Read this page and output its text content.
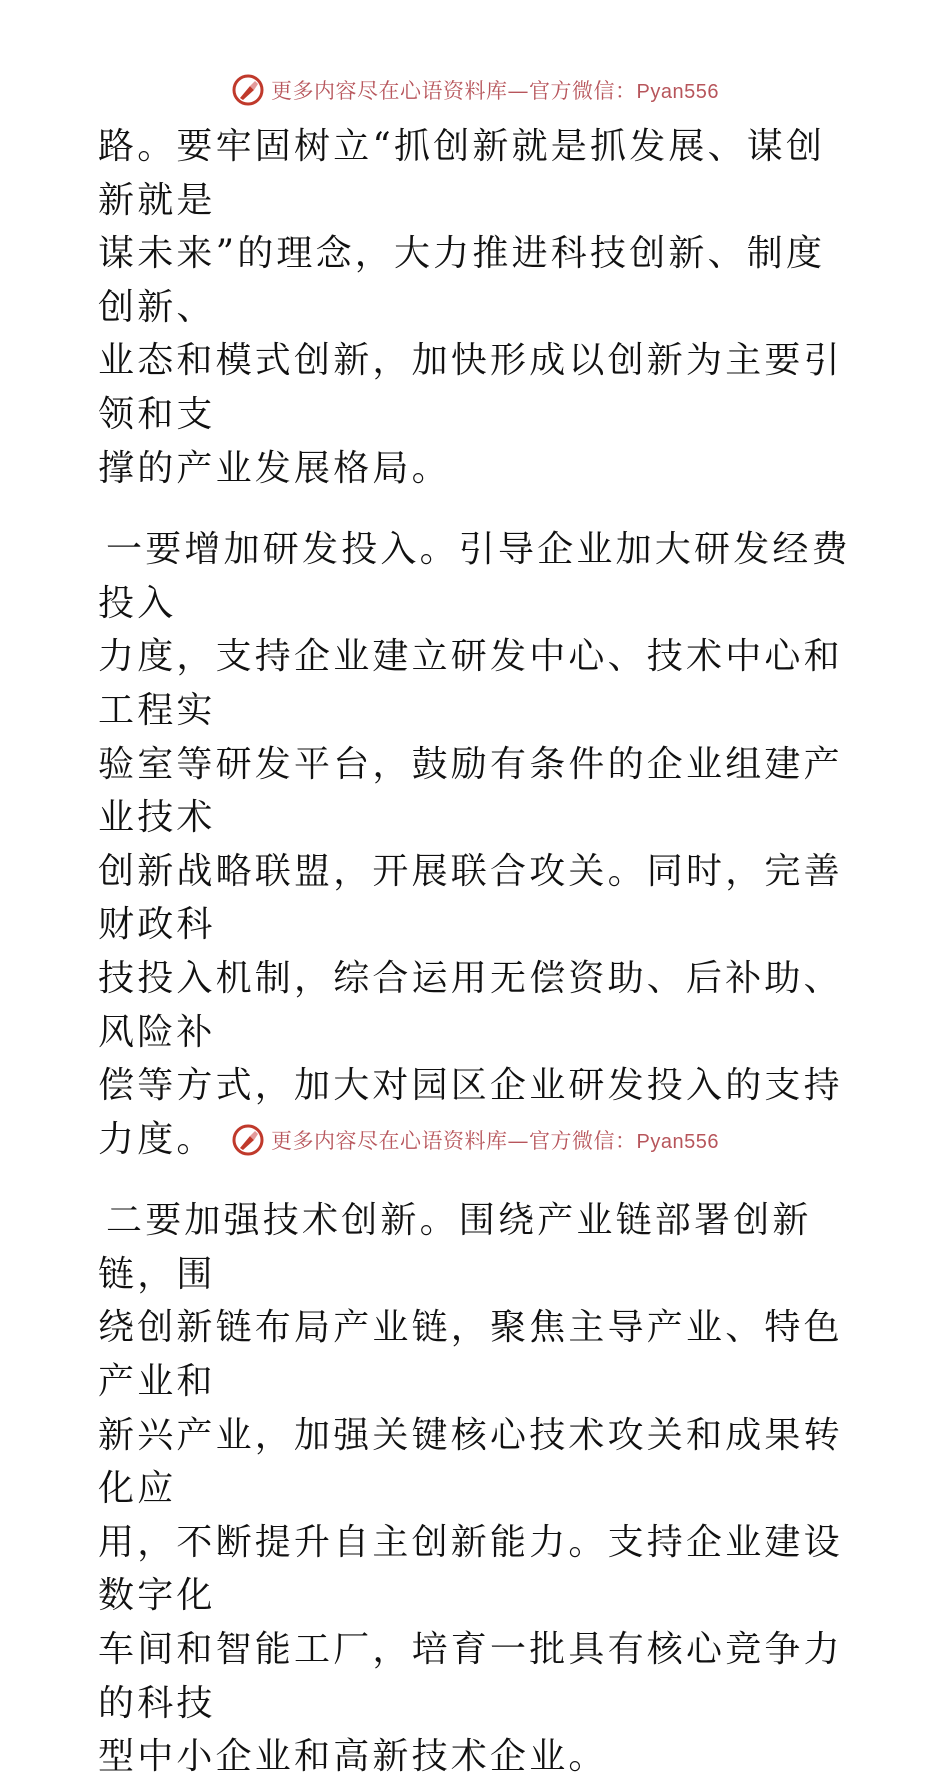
更多内容尽在心语资料库—官方微信：Pyan556

路。要牢固树立“抓创新就是抓发展、谋创新就是
谋未来”的理念，大力推进科技创新、制度创新、
业态和模式创新，加快形成以创新为主要引领和支
撑的产业发展格局。

一要增加研发投入。引导企业加大研发经费投入
力度，支持企业建立研发中心、技术中心和工程实
验室等研发平台，鼓励有条件的企业组建产业技术
创新战略联盟，开展联合攻关。同时，完善财政科
技投入机制，综合运用无偿资助、后补助、风险补
偿等方式，加大对园区企业研发投入的支持力度。

二要加强技术创新。围绕产业链部署创新链，围
绕创新链布局产业链，聚焦主导产业、特色产业和
新兴产业，加强关键核心技术攻关和成果转化应
用，不断提升自主创新能力。支持企业建设数字化
车间和智能工厂，培育一批具有核心竞争力的科技
型中小企业和高新技术企业。

更多内容尽在心语资料库—官方微信：Pyan556
